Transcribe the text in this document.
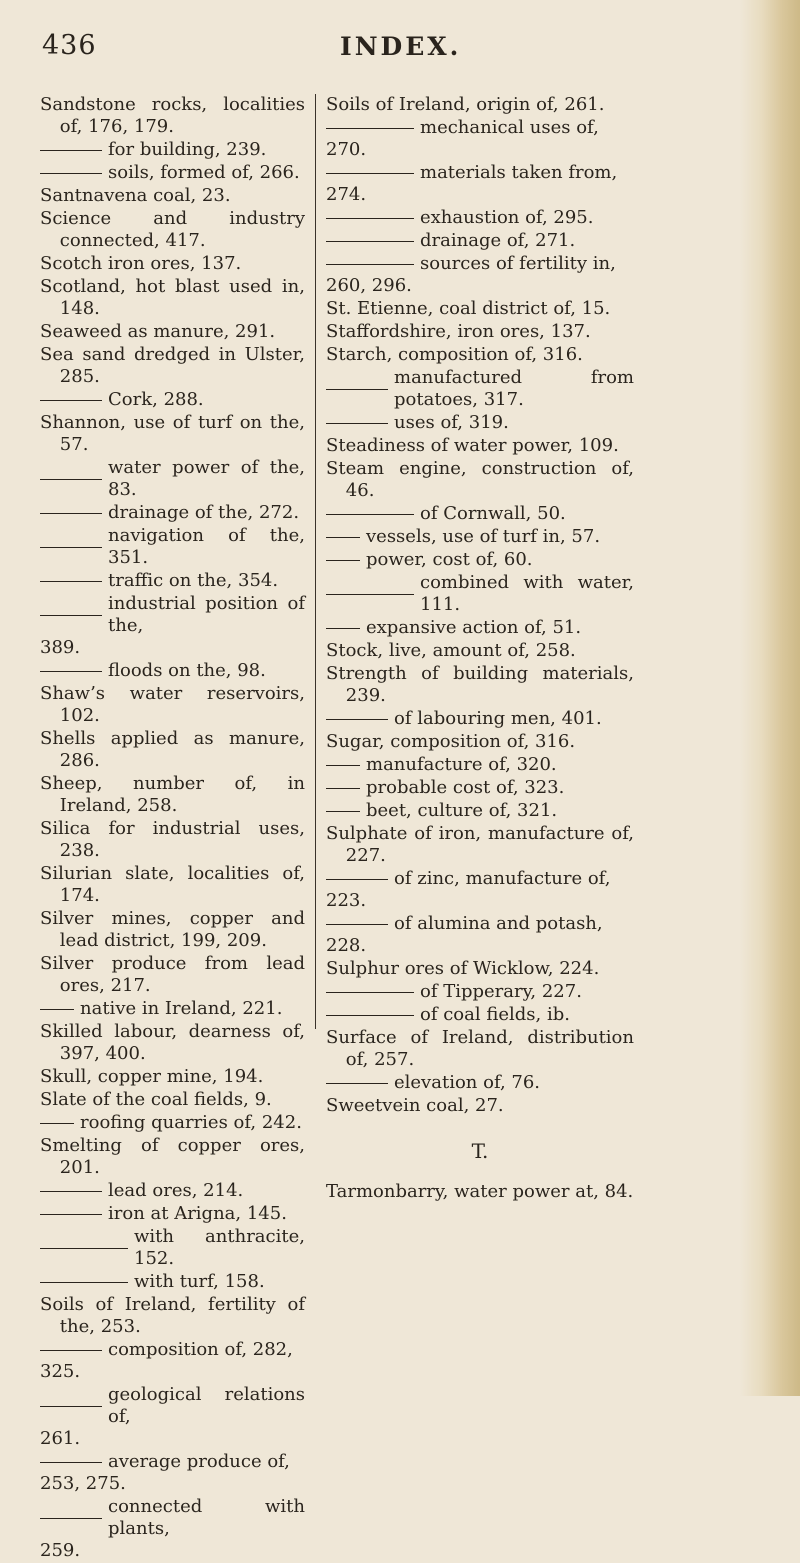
436	INDEX.
Sandstone rocks, localities of, 176, 179.
for building, 239.
soils, formed of, 266.
Santnavena coal, 23.
Science and industry connected, 417.
Scotch iron ores, 137.
Scotland, hot blast used in, 148.
Seaweed as manure, 291.
Sea sand dredged in Ulster, 285.
Cork, 288.
Shannon, use of turf on the, 57.
water power of the, 83.
drainage of the, 272.
navigation of the, 351.
traffic on the, 354.
industrial position of the,
389.
floods on the, 98.
Shaw’s water reservoirs, 102.
Shells applied as manure, 286.
Sheep, number of, in Ireland, 258.
Silica for industrial uses, 238.
Silurian slate, localities of, 174.
Silver mines, copper and lead district, 199, 209.
Silver produce from lead ores, 217.
native in Ireland, 221.
Skilled labour, dearness of, 397, 400.
Skull, copper mine, 194.
Slate of the coal fields, 9.
roofing quarries of, 242.
Smelting of copper ores, 201.
lead ores, 214.
iron at Arigna, 145.
with anthracite, 152.
with turf, 158.
Soils of Ireland, fertility of the, 253.
composition of, 282,
325.
geological relations of,
261.
average produce of,
253, 275.
connected with plants,
259.
Soils of Ireland, origin of, 261.
mechanical uses of,
270.
materials taken from,
274.
exhaustion of, 295.
drainage of, 271.
sources of fertility in,
260, 296.
St. Etienne, coal district of, 15.
Staffordshire, iron ores, 137.
Starch, composition of, 316.
manufactured from potatoes, 317.
uses of, 319.
Steadiness of water power, 109.
Steam engine, construction of, 46.
of Cornwall, 50.
vessels, use of turf in, 57.
power, cost of, 60.
combined with water, 111.
expansive action of, 51.
Stock, live, amount of, 258.
Strength of building materials, 239.
of labouring men, 401.
Sugar, composition of, 316.
manufacture of, 320.
probable cost of, 323.
beet, culture of, 321.
Sulphate of iron, manufacture of, 227.
of zinc, manufacture of,
223.
of alumina and potash,
228.
Sulphur ores of Wicklow, 224.
of Tipperary, 227.
of coal fields, ib.
Surface of Ireland, distribution of, 257.
elevation of, 76.
Sweetvein coal, 27.
T.
Tarmonbarry, water power at, 84.
